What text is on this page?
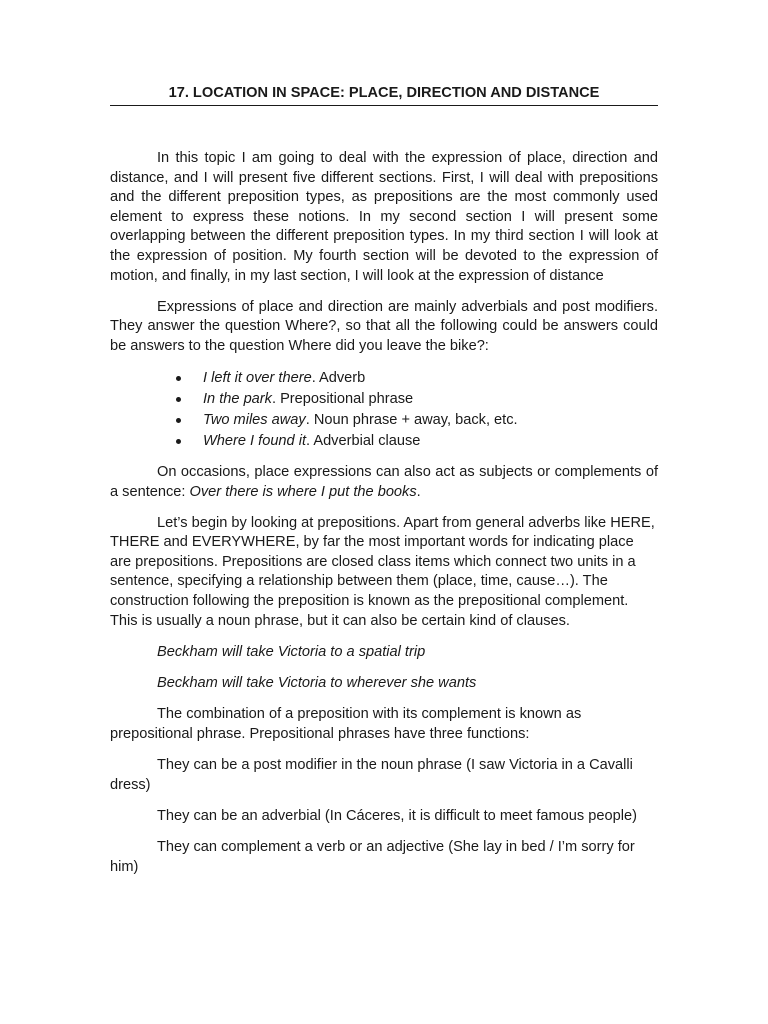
17. LOCATION IN SPACE: PLACE, DIRECTION AND DISTANCE

In this topic I am going to deal with the expression of place, direction and distance, and I will present five different sections. First, I will deal with prepositions and the different preposition types, as prepositions are the most commonly used element to express these notions. In my second section I will present some overlapping between the different preposition types. In my third section I will look at the expression of position. My fourth section will be devoted to the expression of motion, and finally, in my last section, I will look at the expression of distance

Expressions of place and direction are mainly adverbials and post modifiers. They answer the question Where?, so that all the following could be answers could be answers to the question Where did you leave the bike?:

I left it over there. Adverb
In the park. Prepositional phrase
Two miles away. Noun phrase + away, back, etc.
Where I found it. Adverbial clause

On occasions, place expressions can also act as subjects or complements of a sentence: Over there is where I put the books.

Let’s begin by looking at prepositions. Apart from general adverbs like HERE, THERE and EVERYWHERE, by far the most important words for indicating place are prepositions. Prepositions are closed class items which connect two units in a sentence, specifying a relationship between them (place, time, cause…). The construction following the preposition is known as the prepositional complement. This is usually a noun phrase, but it can also be certain kind of clauses.

Beckham will take Victoria to a spatial trip

Beckham will take Victoria to wherever she wants

The combination of a preposition with its complement is known as prepositional phrase. Prepositional phrases have three functions:

They can be a post modifier in the noun phrase (I saw Victoria in a Cavalli dress)

They can be an adverbial (In Cáceres, it is difficult to meet famous people)

They can complement a verb or an adjective (She lay in bed / I’m sorry for him)
